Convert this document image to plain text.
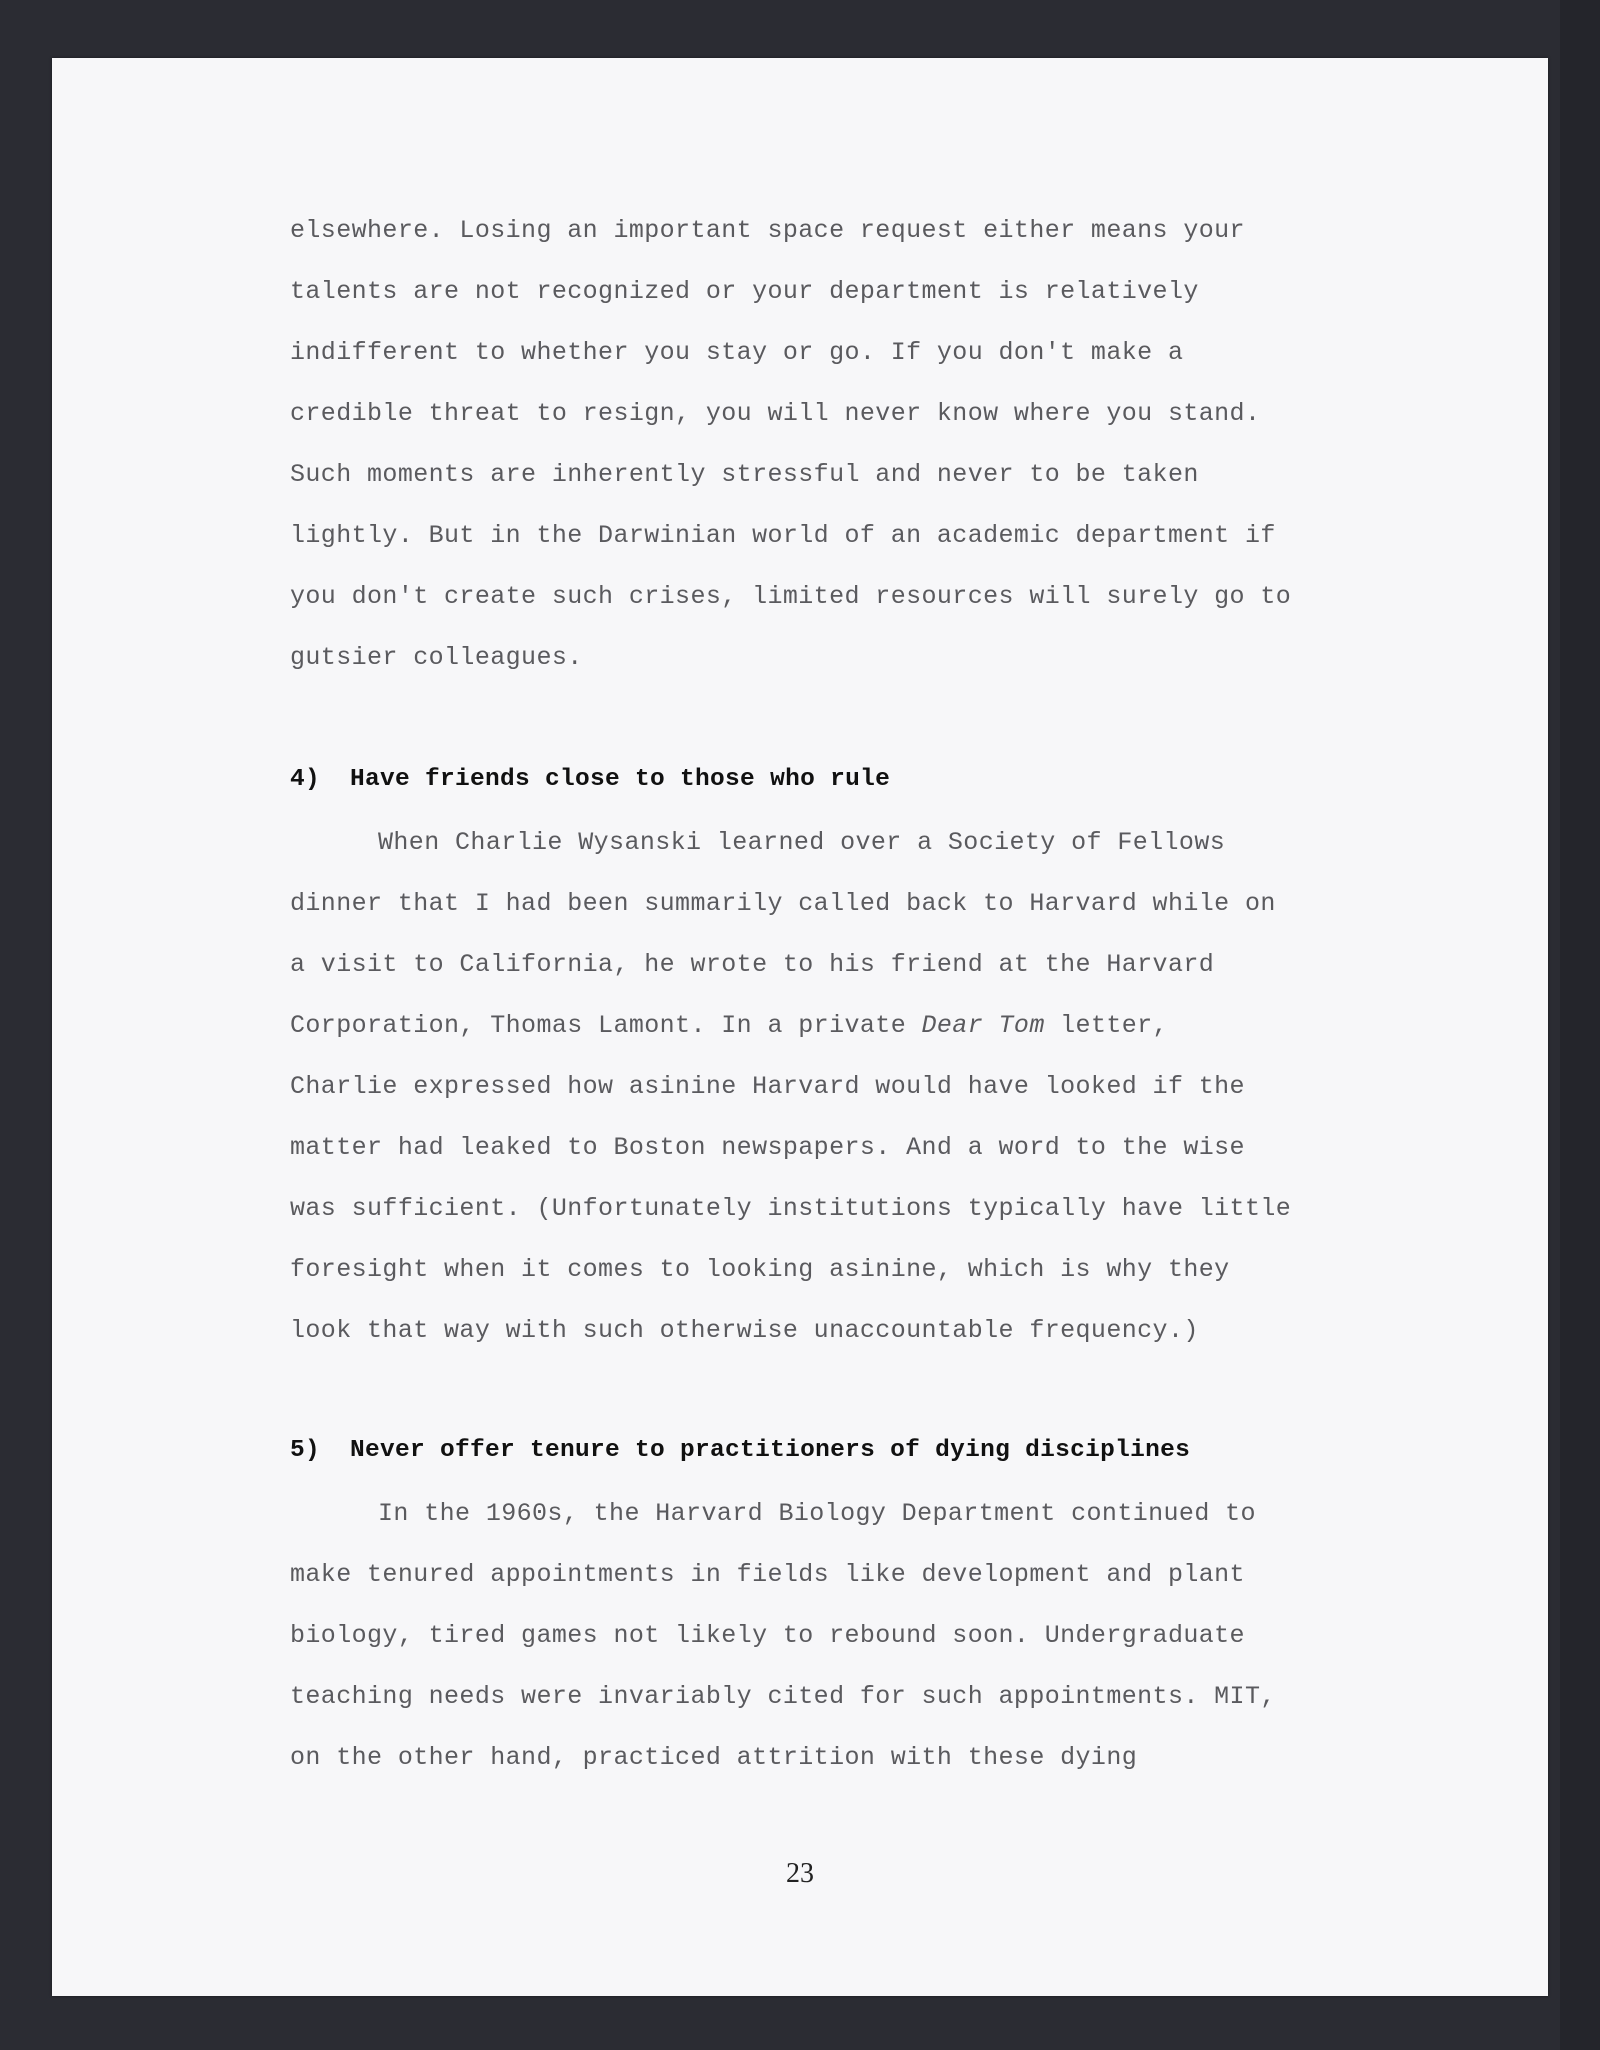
elsewhere. Losing an important space request either means your
talents are not recognized or your department is relatively
indifferent to whether you stay or go. If you don't make a
credible threat to resign, you will never know where you stand.
Such moments are inherently stressful and never to be taken
lightly. But in the Darwinian world of an academic department if
you don't create such crises, limited resources will surely go to
gutsier colleagues.
4) Have friends close to those who rule
When Charlie Wysanski learned over a Society of Fellows
dinner that I had been summarily called back to Harvard while on
a visit to California, he wrote to his friend at the Harvard
Corporation, Thomas Lamont. In a private Dear Tom letter,
Charlie expressed how asinine Harvard would have looked if the
matter had leaked to Boston newspapers. And a word to the wise
was sufficient. (Unfortunately institutions typically have little
foresight when it comes to looking asinine, which is why they
look that way with such otherwise unaccountable frequency.)
5) Never offer tenure to practitioners of dying disciplines
In the 1960s, the Harvard Biology Department continued to
make tenured appointments in fields like development and plant
biology, tired games not likely to rebound soon. Undergraduate
teaching needs were invariably cited for such appointments. MIT,
on the other hand, practiced attrition with these dying
23
